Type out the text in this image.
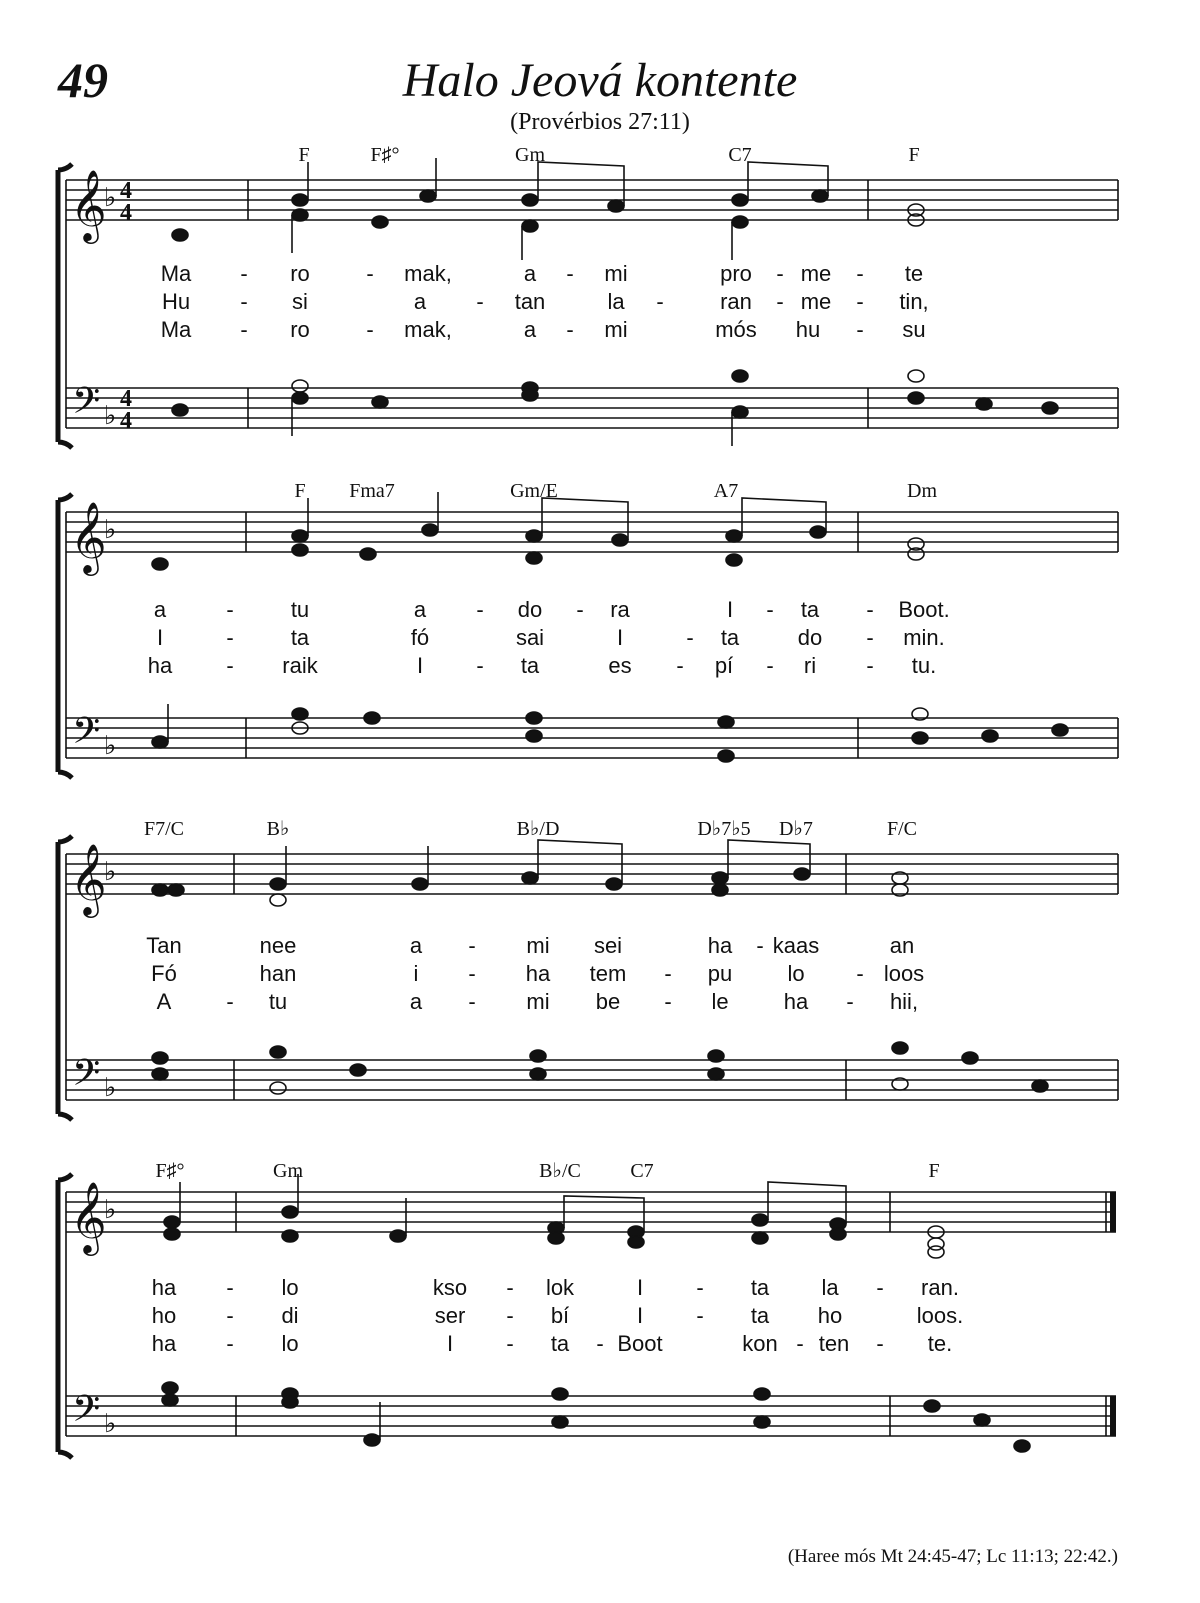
49	Halo Jeová kontente
(Provérbios 27:11)
𝄞
𝄢
♭
♭
4
4
4
4
𝄞
𝄢
♭
♭
𝄞
𝄢
♭
♭
𝄞
𝄢
♭
♭
(Haree mós Mt 24:45-47; Lc 11:13; 22:42.)
F	F♯°	Gm	C7	F
Ma - ro	- mak,	a - mi	pro - me - te
Hu - si	a - tan	la -	ran - me - tin,
Ma - ro	- mak,	a - mi	mós hu - su
F Fma7	Gm/E	A7	Dm
a	-	tu	a - do - ra	I - ta - Boot.
I	-	ta	fó	sai	I	- ta	do - min.
ha - raik	I - ta	es - pí - ri - tu.
F7/C	B♭	B♭/D	D♭7♭5 D♭7	F/C
Tan	nee	a - mi sei	ha - kaas	an
Fó	han	i - ha tem - pu	lo - loos
A - tu	a - mi be - le	ha - hii,
F♯°	Gm	B♭/C C7	F
ha - lo	kso - lok	I - ta la - ran.
ho - di	ser - bí	I - ta ho	loos.
ha - lo	I - ta - Boot	kon - ten - te.
